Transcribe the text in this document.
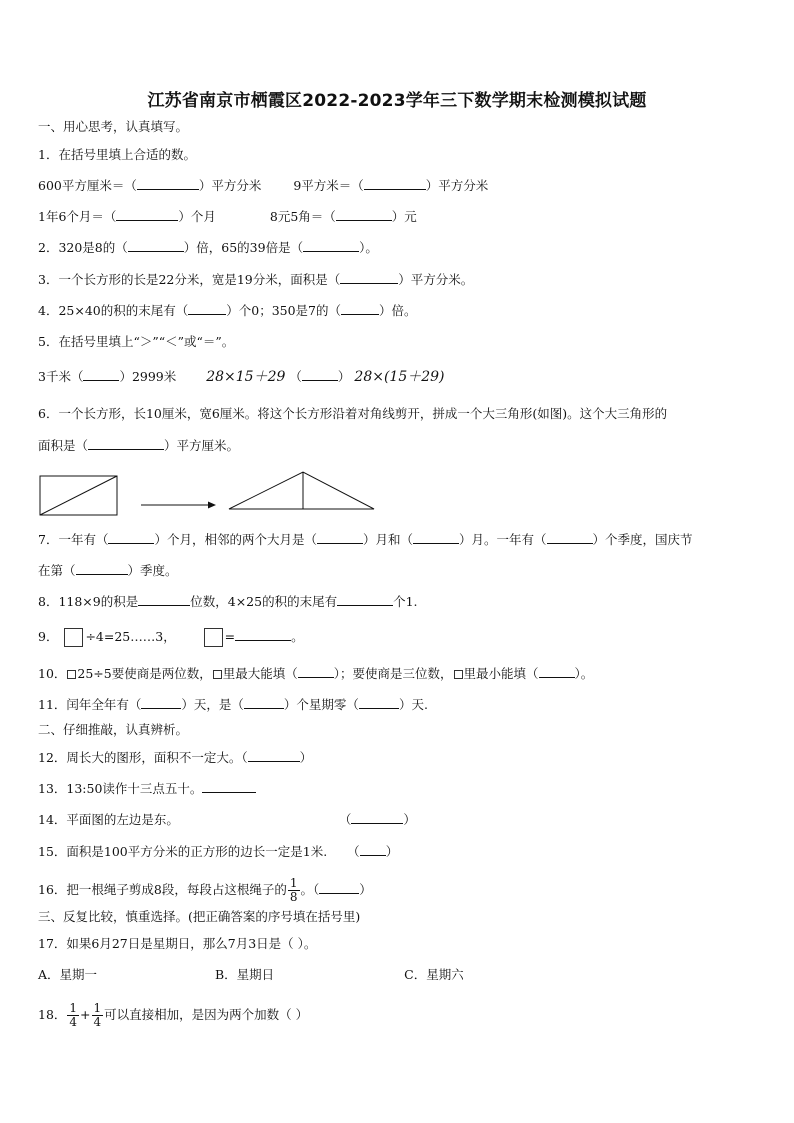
江苏省南京市栖霞区2022-2023学年三下数学期末检测模拟试题
一、用心思考，认真填写。
1．在括号里填上合适的数。
600平方厘米＝（	）平方分米	9平方米＝（	）平方分米
1年6个月＝（	）个月	8元5角＝（	）元
2．320是8的（	）倍，65的39倍是（	）。
3．一个长方形的长是22分米，宽是19分米，面积是（	）平方分米。
4．25×40的积的末尾有（	）个0；350是7的（	）倍。
5．在括号里填上“＞”“＜”或“＝”。
3千米（	）2999米 28×15＋29 （	） 28×(15＋29)
6．一个长方形，长10厘米，宽6厘米。将这个长方形沿着对角线剪开，拼成一个大三角形(如图)。这个大三角形的
面积是（	）平方厘米。
7．一年有（	）个月，相邻的两个大月是（	）月和（	）月。一年有（	）个季度，国庆节
在第（	）季度。
8．118×9的积是	位数，4×25的积的末尾有	个1.
9． ÷4=25……3，	=	。
10． 25÷5要使商是两位数， 里最大能填（	）；要使商是三位数， 里最小能填（	）。
11．闰年全年有（	）天，是（	）个星期零（	）天.
二、仔细推敲，认真辨析。
12．周长大的图形，面积不一定大。（	）
13．13:50读作十三点五十。
14．平面图的左边是东。	（	）
15．面积是100平方分米的正方形的边长一定是1米. （ ）
16．把一根绳子剪成8段，每段占这根绳子的 $\frac{1}{8}$ 。（	）
三、反复比较，慎重选择。(把正确答案的序号填在括号里)
17．如果6月27日是星期日，那么7月3日是（ ）。
A．星期一	B．星期日	C．星期六
18． $\frac{1}{4} + \frac{1}{4}$ 可以直接相加，是因为两个加数（ ）
